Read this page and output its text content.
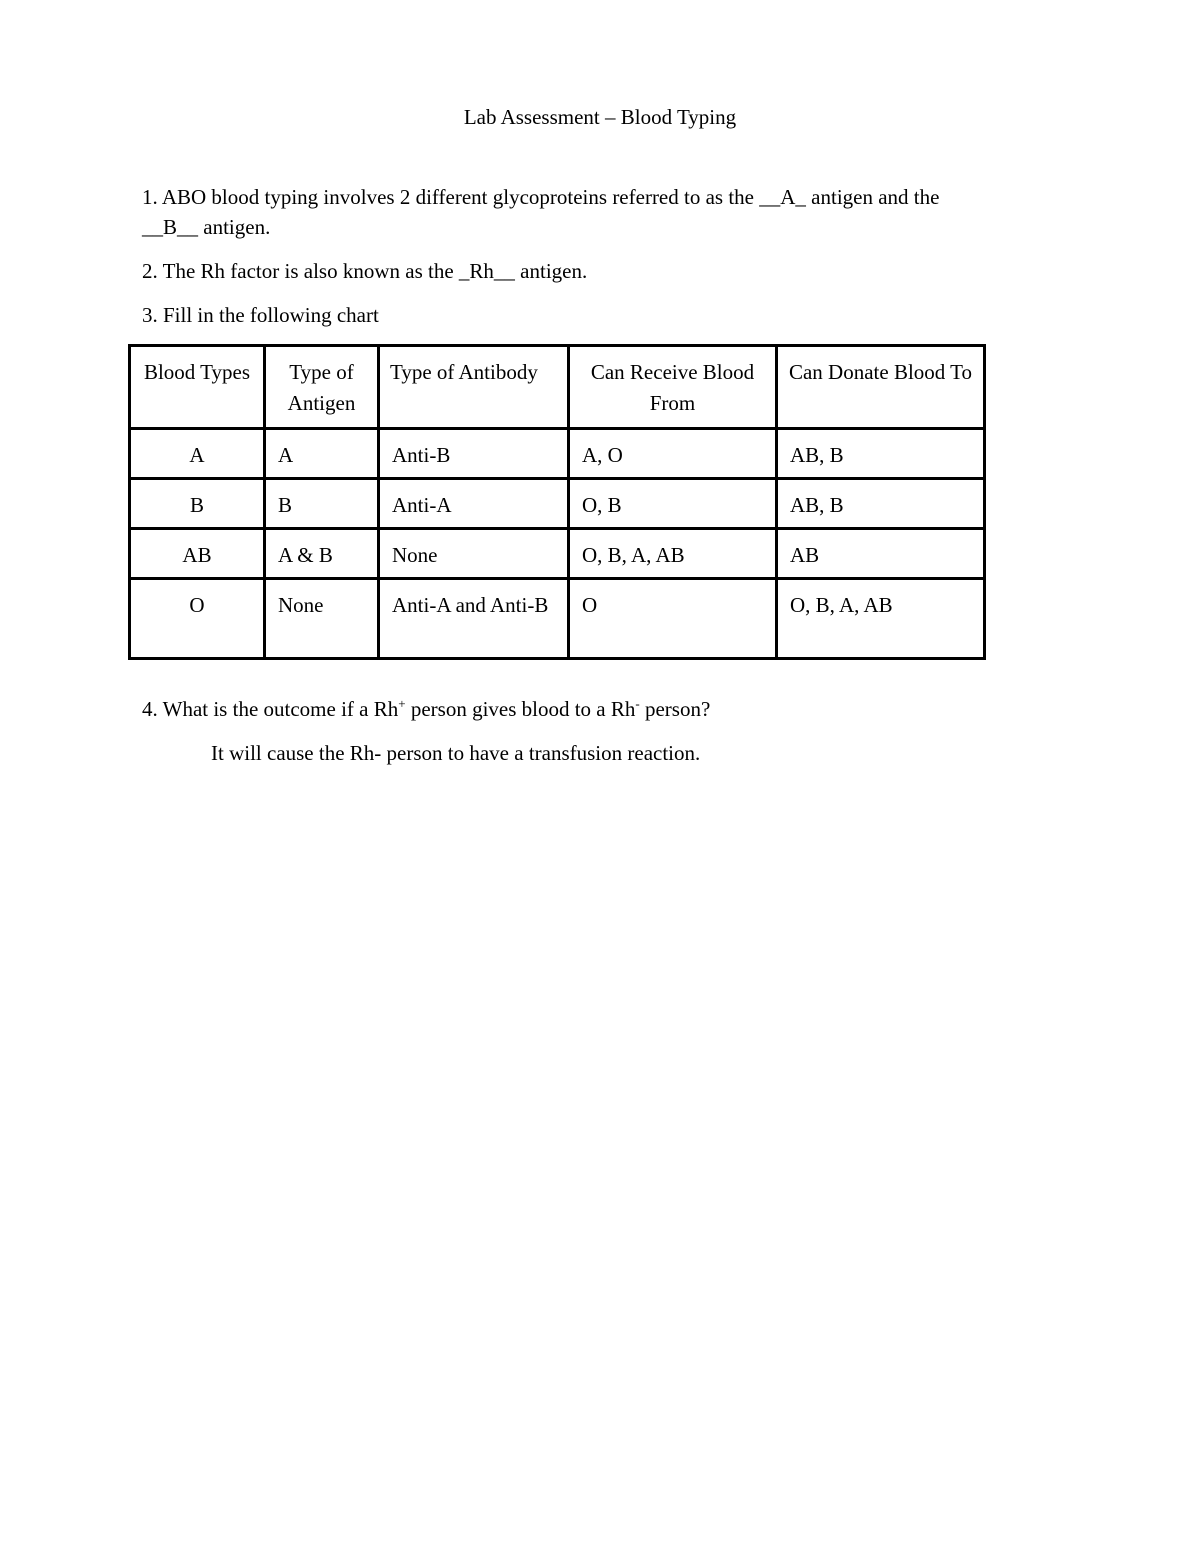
Lab Assessment – Blood Typing
1. ABO blood typing involves 2 different glycoproteins referred to as the __A_ antigen and the
__B__ antigen.
2. The Rh factor is also known as the _Rh__ antigen.
3. Fill in the following chart
Blood Types	Type of Antigen	Type of Antibody	Can Receive Blood From	Can Donate Blood To
A	A	Anti-B	A, O	AB, B
B	B	Anti-A	O, B	AB, B
AB	A & B	None	O, B, A, AB	AB
O	None	Anti-A and Anti-B	O	O, B, A, AB
4. What is the outcome if a Rh+ person gives blood to a Rh- person?
It will cause the Rh- person to have a transfusion reaction.
